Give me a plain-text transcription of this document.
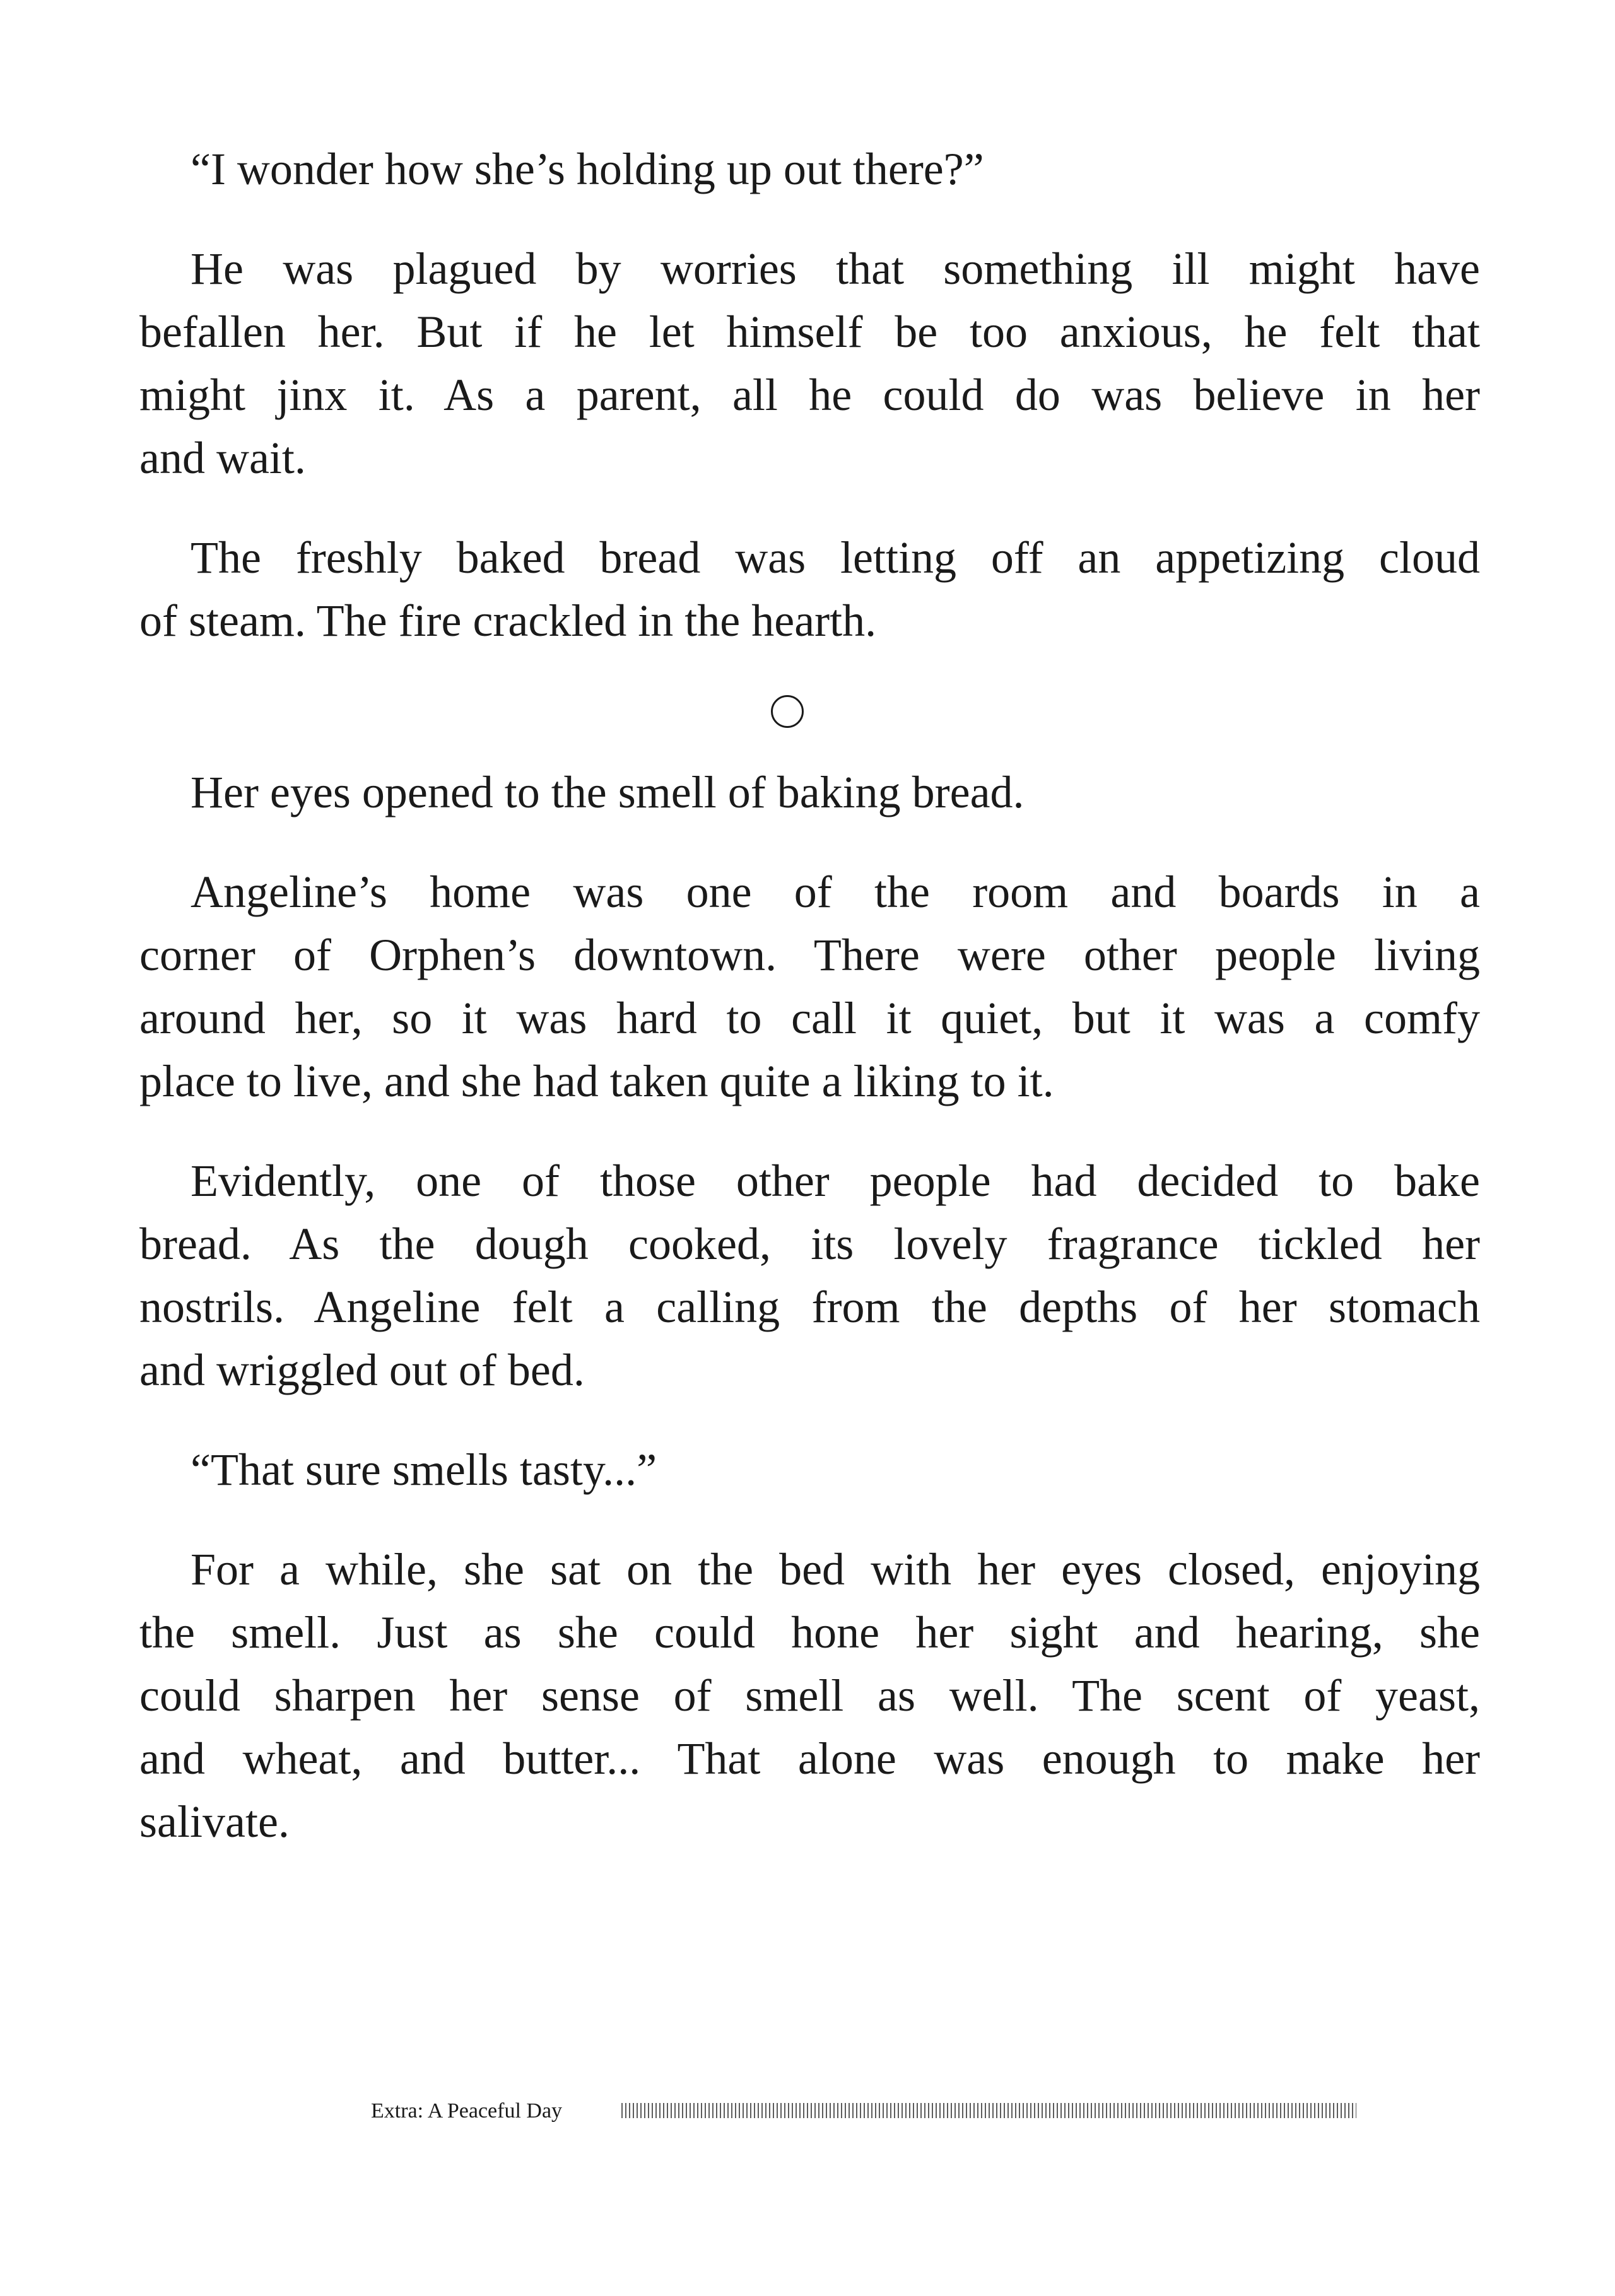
“I wonder how she’s holding up out there?”

He was plagued by worries that something ill might have
befallen her. But if he let himself be too anxious, he felt that
might jinx it. As a parent, all he could do was believe in her
and wait.

The freshly baked bread was letting off an appetizing cloud
of steam. The fire crackled in the hearth.

Her eyes opened to the smell of baking bread.

Angeline’s home was one of the room and boards in a
corner of Orphen’s downtown. There were other people living
around her, so it was hard to call it quiet, but it was a comfy
place to live, and she had taken quite a liking to it.

Evidently, one of those other people had decided to bake
bread. As the dough cooked, its lovely fragrance tickled her
nostrils. Angeline felt a calling from the depths of her stomach
and wriggled out of bed.

“That sure smells tasty...”

For a while, she sat on the bed with her eyes closed, enjoying
the smell. Just as she could hone her sight and hearing, she
could sharpen her sense of smell as well. The scent of yeast,
and wheat, and butter... That alone was enough to make her
salivate.

Extra: A Peaceful Day
